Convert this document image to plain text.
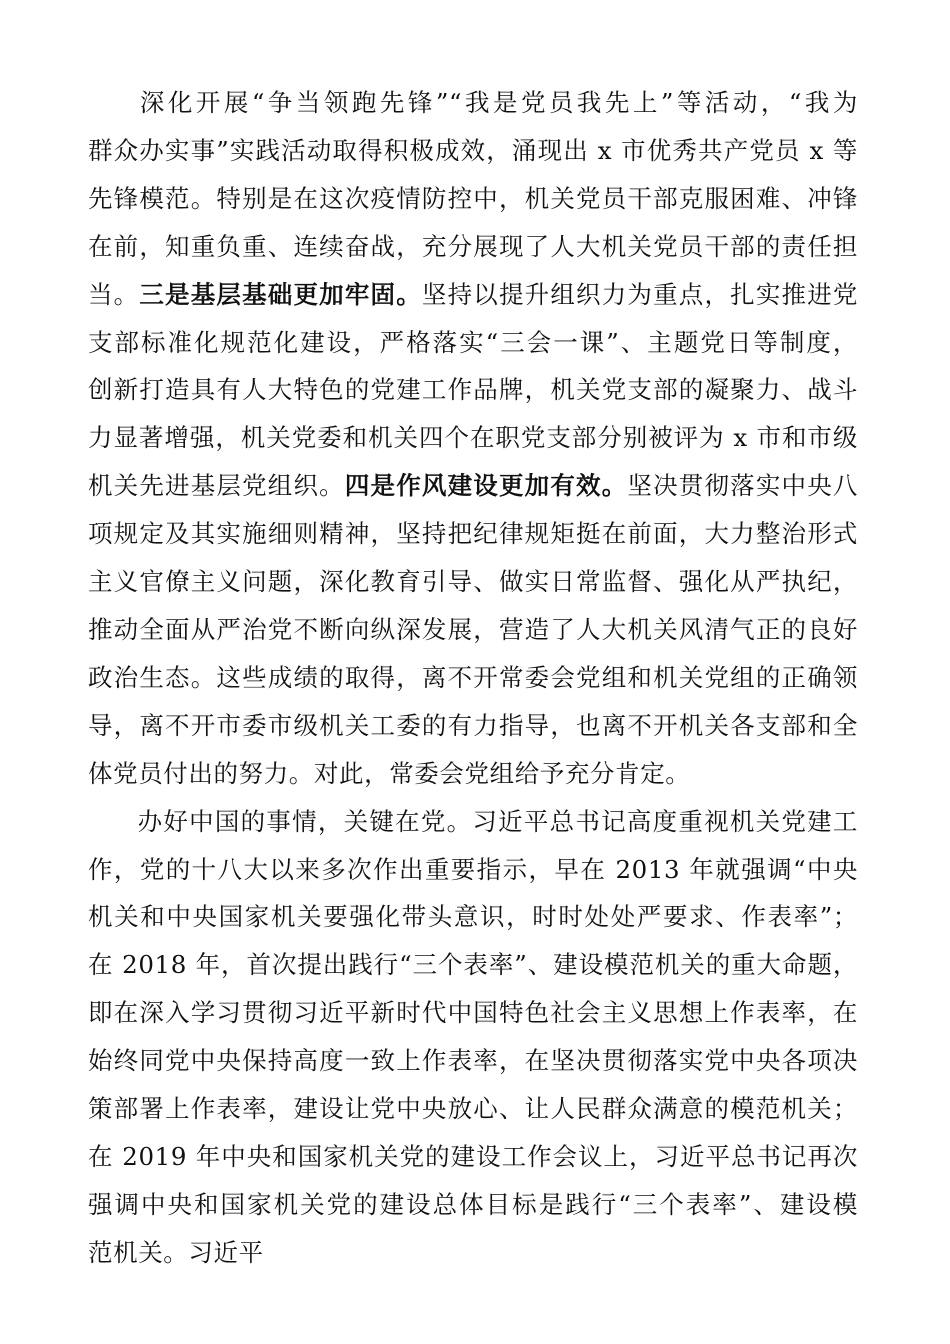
深化开展“争当领跑先锋”“我是党员我先上”等活动，“我为
群众办实事”实践活动取得积极成效，涌现出 x 市优秀共产党员 x 等
先锋模范。特别是在这次疫情防控中，机关党员干部克服困难、冲锋
在前，知重负重、连续奋战，充分展现了人大机关党员干部的责任担
当。三是基层基础更加牢固。坚持以提升组织力为重点，扎实推进党
支部标准化规范化建设，严格落实“三会一课”、主题党日等制度，
创新打造具有人大特色的党建工作品牌，机关党支部的凝聚力、战斗
力显著增强，机关党委和机关四个在职党支部分别被评为 x 市和市级
机关先进基层党组织。四是作风建设更加有效。坚决贯彻落实中央八
项规定及其实施细则精神，坚持把纪律规矩挺在前面，大力整治形式
主义官僚主义问题，深化教育引导、做实日常监督、强化从严执纪，
推动全面从严治党不断向纵深发展，营造了人大机关风清气正的良好
政治生态。这些成绩的取得，离不开常委会党组和机关党组的正确领
导，离不开市委市级机关工委的有力指导，也离不开机关各支部和全
体党员付出的努力。对此，常委会党组给予充分肯定。

办好中国的事情，关键在党。习近平总书记高度重视机关党建工
作，党的十八大以来多次作出重要指示，早在 2013 年就强调“中央
机关和中央国家机关要强化带头意识，时时处处严要求、作表率”；
在 2018 年，首次提出践行“三个表率”、建设模范机关的重大命题，
即在深入学习贯彻习近平新时代中国特色社会主义思想上作表率，在
始终同党中央保持高度一致上作表率，在坚决贯彻落实党中央各项决
策部署上作表率，建设让党中央放心、让人民群众满意的模范机关；
在 2019 年中央和国家机关党的建设工作会议上，习近平总书记再次
强调中央和国家机关党的建设总体目标是践行“三个表率”、建设模
范机关。习近平
